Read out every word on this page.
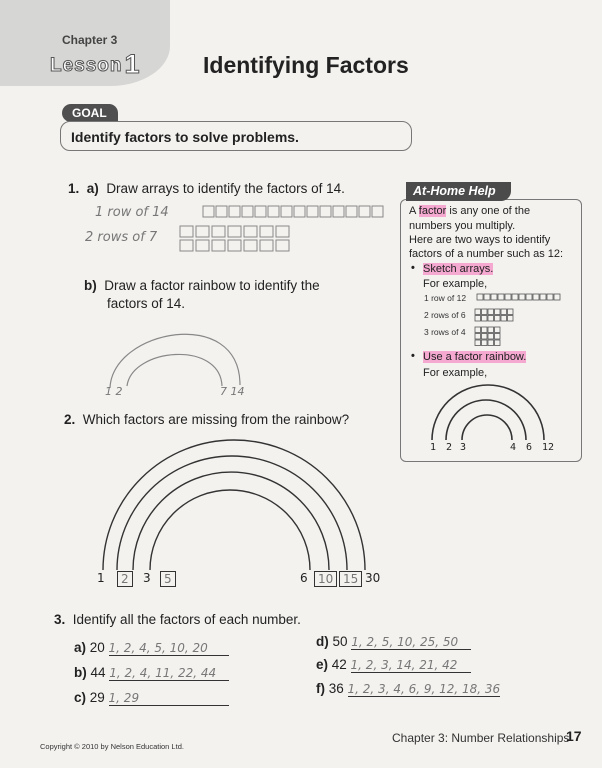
Chapter 3
Lesson1	Identifying Factors
GOAL
Identify factors to solve problems.
1. a) Draw arrays to identify the factors of 14.
1 row of 14
2 rows of 7
b) Draw a factor rainbow to identify the
factors of 14.
1 2	7 14
2. Which factors are missing from the rainbow?
1	2	3	5	6 10 15 30
3. Identify all the factors of each number.
a) 20 1, 2, 4, 5, 10, 20
b) 44 1, 2, 4, 11, 22, 44
c) 29 1, 29
d) 50 1, 2, 5, 10, 25, 50
e) 42 1, 2, 3, 14, 21, 42
f) 36 1, 2, 3, 4, 6, 9, 12, 18, 36
At-Home Help
A factor is any one of the
numbers you multiply.
Here are two ways to identify
factors of a number such as 12:
• Sketch arrays.
For example,
1 row of 12
2 rows of 6
3 rows of 4
• Use a factor rainbow.
For example,
1 2 3	4 6 12
Copyright © 2010 by Nelson Education Ltd.
Chapter 3: Number Relationships
17
